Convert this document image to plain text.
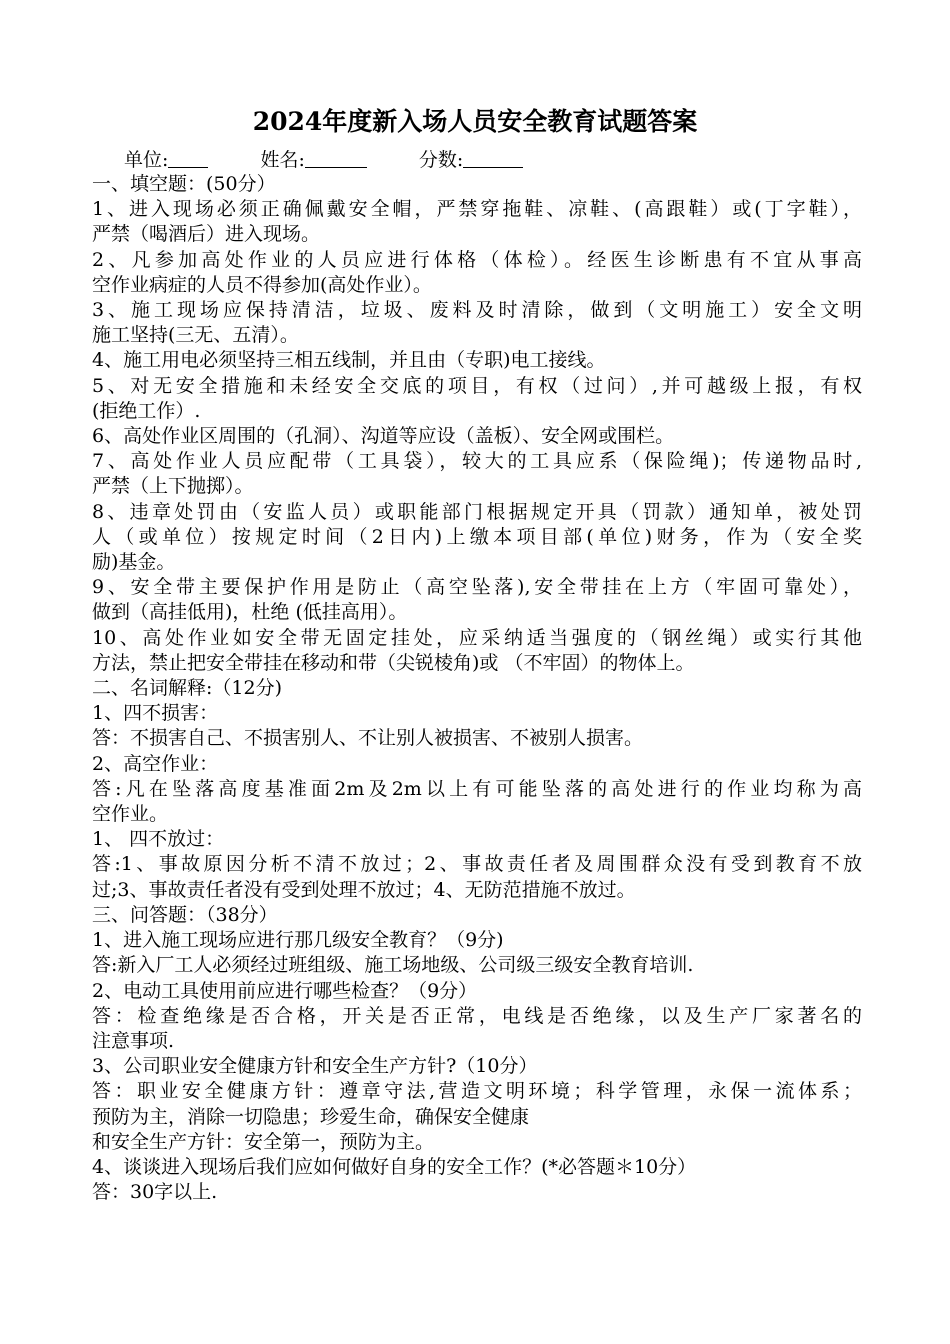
2024年度新入场人员安全教育试题答案
单位:	姓名:	分数:
一、填空题：(50分）
1、进入现场必须正确佩戴安全帽，严禁穿拖鞋、凉鞋、(高跟鞋）或(丁字鞋），
严禁（喝酒后）进入现场。
2、凡参加高处作业的人员应进行体格（体检）。经医生诊断患有不宜从事高
空作业病症的人员不得参加(高处作业）。
3、施工现场应保持清洁，垃圾、废料及时清除，做到（文明施工）安全文明
施工坚持(三无、五清）。
4、施工用电必须坚持三相五线制，并且由（专职)电工接线。
5、对无安全措施和未经安全交底的项目，有权（过问）,并可越级上报，有权
(拒绝工作）.
6、高处作业区周围的（孔洞）、沟道等应设（盖板）、安全网或围栏。
7、高处作业人员应配带（工具袋），较大的工具应系（保险绳)；传递物品时,
严禁（上下抛掷）。
8、违章处罚由（安监人员）或职能部门根据规定开具（罚款）通知单，被处罚
人（或单位）按规定时间（2日内)上缴本项目部(单位)财务，作为（安全奖
励)基金。
9、安全带主要保护作用是防止（高空坠落),安全带挂在上方（牢固可靠处），
做到（高挂低用)，杜绝 (低挂高用）。
10、高处作业如安全带无固定挂处，应采纳适当强度的（钢丝绳）或实行其他
方法，禁止把安全带挂在移动和带（尖锐棱角)或 （不牢固）的物体上。
二、名词解释:（12分)
1、四不损害：
答：不损害自己、不损害别人、不让别人被损害、不被别人损害。
2、高空作业：
答:凡在坠落高度基准面2m及2m以上有可能坠落的高处进行的作业均称为高
空作业。
1、 四不放过：
答:1、事故原因分析不清不放过；2、事故责任者及周围群众没有受到教育不放
过;3、事故责任者没有受到处理不放过；4、无防范措施不放过。
三、问答题：（38分）
1、进入施工现场应进行那几级安全教育？（9分)
答:新入厂工人必须经过班组级、施工场地级、公司级三级安全教育培训.
2、电动工具使用前应进行哪些检查？（9分）
答：检查绝缘是否合格，开关是否正常，电线是否绝缘，以及生产厂家著名的
注意事项.
3、公司职业安全健康方针和安全生产方针?（10分）
答：职业安全健康方针：遵章守法,营造文明环境；科学管理，永保一流体系；
预防为主，消除一切隐患；珍爱生命，确保安全健康
和安全生产方针：安全第一，预防为主。
4、谈谈进入现场后我们应如何做好自身的安全工作？(*必答题＊10分）
答：30字以上.
